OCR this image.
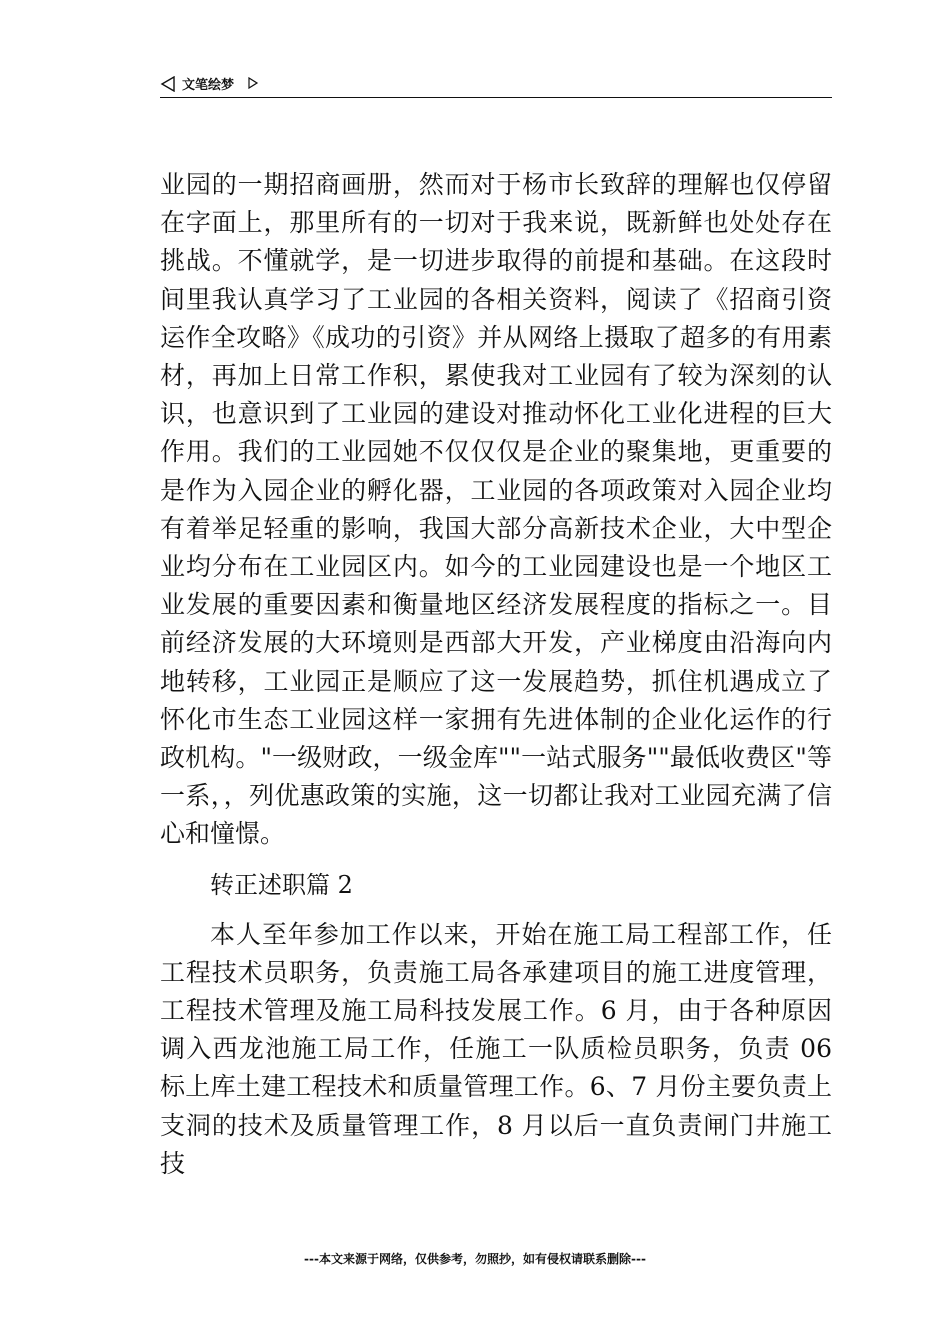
文笔绘梦

业园的一期招商画册，然而对于杨市长致辞的理解也仅停留在字面上，那里所有的一切对于我来说，既新鲜也处处存在挑战。不懂就学，是一切进步取得的前提和基础。在这段时间里我认真学习了工业园的各相关资料，阅读了《招商引资运作全攻略》《成功的引资》并从网络上摄取了超多的有用素材，再加上日常工作积，累使我对工业园有了较为深刻的认识，也意识到了工业园的建设对推动怀化工业化进程的巨大作用。我们的工业园她不仅仅仅是企业的聚集地，更重要的是作为入园企业的孵化器，工业园的各项政策对入园企业均有着举足轻重的影响，我国大部分高新技术企业，大中型企业均分布在工业园区内。如今的工业园建设也是一个地区工业发展的重要因素和衡量地区经济发展程度的指标之一。目前经济发展的大环境则是西部大开发，产业梯度由沿海向内地转移，工业园正是顺应了这一发展趋势，抓住机遇成立了怀化市生态工业园这样一家拥有先进体制的企业化运作的行政机构。"一级财政，一级金库""一站式服务""最低收费区"等一系，，列优惠政策的实施，这一切都让我对工业园充满了信心和憧憬。

转正述职篇 2

本人至年参加工作以来，开始在施工局工程部工作，任工程技术员职务，负责施工局各承建项目的施工进度管理，工程技术管理及施工局科技发展工作。6 月，由于各种原因调入西龙池施工局工作，任施工一队质检员职务，负责 06 标上库土建工程技术和质量管理工作。6、7 月份主要负责上支洞的技术及质量管理工作，8 月以后一直负责闸门井施工技

---本文来源于网络，仅供参考，勿照抄，如有侵权请联系删除---
